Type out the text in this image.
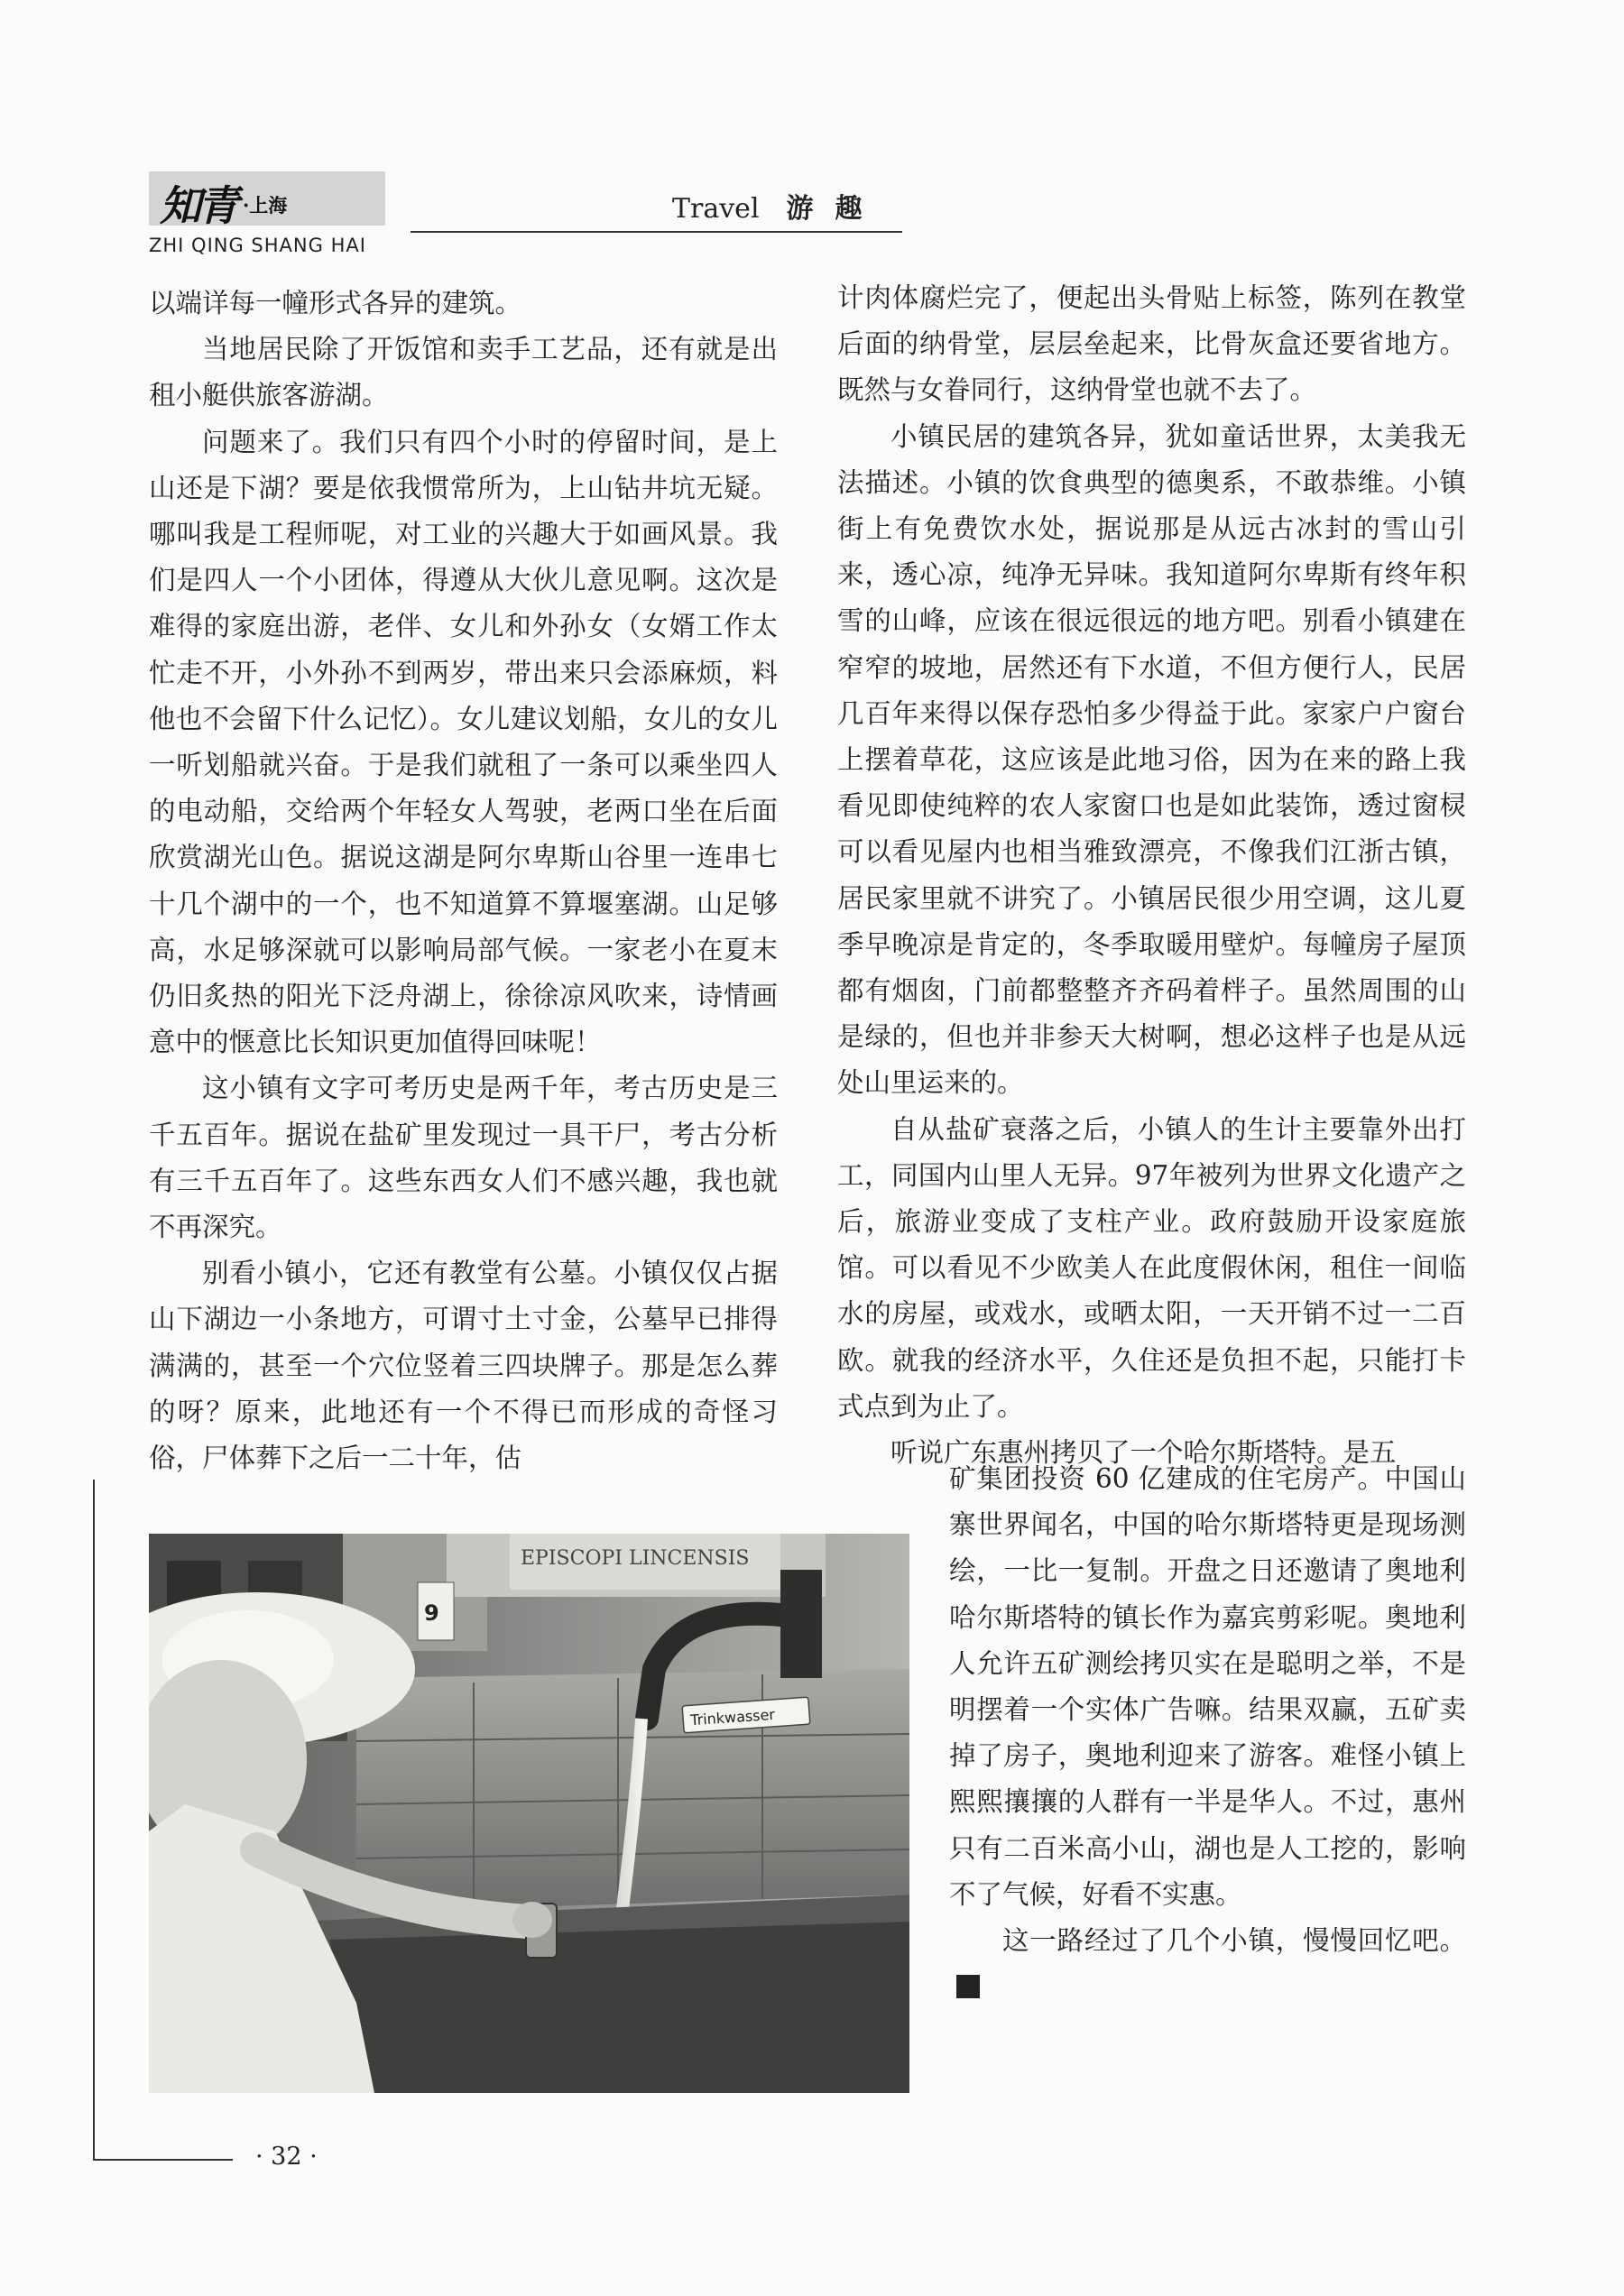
知青 ·上海
ZHI QING SHANG HAI
Travel 游趣

以端详每一幢形式各异的建筑。

当地居民除了开饭馆和卖手工艺品，还有就是出租小艇供旅客游湖。

问题来了。我们只有四个小时的停留时间，是上山还是下湖？要是依我惯常所为，上山钻井坑无疑。哪叫我是工程师呢，对工业的兴趣大于如画风景。我们是四人一个小团体，得遵从大伙儿意见啊。这次是难得的家庭出游，老伴、女儿和外孙女（女婿工作太忙走不开，小外孙不到两岁，带出来只会添麻烦，料他也不会留下什么记忆）。女儿建议划船，女儿的女儿一听划船就兴奋。于是我们就租了一条可以乘坐四人的电动船，交给两个年轻女人驾驶，老两口坐在后面欣赏湖光山色。据说这湖是阿尔卑斯山谷里一连串七十几个湖中的一个，也不知道算不算堰塞湖。山足够高，水足够深就可以影响局部气候。一家老小在夏末仍旧炙热的阳光下泛舟湖上，徐徐凉风吹来，诗情画意中的惬意比长知识更加值得回味呢！

这小镇有文字可考历史是两千年，考古历史是三千五百年。据说在盐矿里发现过一具干尸，考古分析有三千五百年了。这些东西女人们不感兴趣，我也就不再深究。

别看小镇小，它还有教堂有公墓。小镇仅仅占据山下湖边一小条地方，可谓寸土寸金，公墓早已排得满满的，甚至一个穴位竖着三四块牌子。那是怎么葬的呀？原来，此地还有一个不得已而形成的奇怪习俗，尸体葬下之后一二十年，估

计肉体腐烂完了，便起出头骨贴上标签，陈列在教堂后面的纳骨堂，层层垒起来，比骨灰盒还要省地方。既然与女眷同行，这纳骨堂也就不去了。

小镇民居的建筑各异，犹如童话世界，太美我无法描述。小镇的饮食典型的德奥系，不敢恭维。小镇街上有免费饮水处，据说那是从远古冰封的雪山引来，透心凉，纯净无异味。我知道阿尔卑斯有终年积雪的山峰，应该在很远很远的地方吧。别看小镇建在窄窄的坡地，居然还有下水道，不但方便行人，民居几百年来得以保存恐怕多少得益于此。家家户户窗台上摆着草花，这应该是此地习俗，因为在来的路上我看见即使纯粹的农人家窗口也是如此装饰，透过窗棂可以看见屋内也相当雅致漂亮，不像我们江浙古镇，居民家里就不讲究了。小镇居民很少用空调，这儿夏季早晚凉是肯定的，冬季取暖用壁炉。每幢房子屋顶都有烟囱，门前都整整齐齐码着柈子。虽然周围的山是绿的，但也并非参天大树啊，想必这柈子也是从远处山里运来的。

自从盐矿衰落之后，小镇人的生计主要靠外出打工，同国内山里人无异。97年被列为世界文化遗产之后，旅游业变成了支柱产业。政府鼓励开设家庭旅馆。可以看见不少欧美人在此度假休闲，租住一间临水的房屋，或戏水，或晒太阳，一天开销不过一二百欧。就我的经济水平，久住还是负担不起，只能打卡式点到为止了。

听说广东惠州拷贝了一个哈尔斯塔特。是五

矿集团投资 60 亿建成的住宅房产。中国山寨世界闻名，中国的哈尔斯塔特更是现场测绘，一比一复制。开盘之日还邀请了奥地利哈尔斯塔特的镇长作为嘉宾剪彩呢。奥地利人允许五矿测绘拷贝实在是聪明之举，不是明摆着一个实体广告嘛。结果双赢，五矿卖掉了房子，奥地利迎来了游客。难怪小镇上熙熙攘攘的人群有一半是华人。不过，惠州只有二百米高小山，湖也是人工挖的，影响不了气候，好看不实惠。

这一路经过了几个小镇，慢慢回忆吧。

EPISCOPI LINCENSIS
9
Trinkwasser
· 32 ·
